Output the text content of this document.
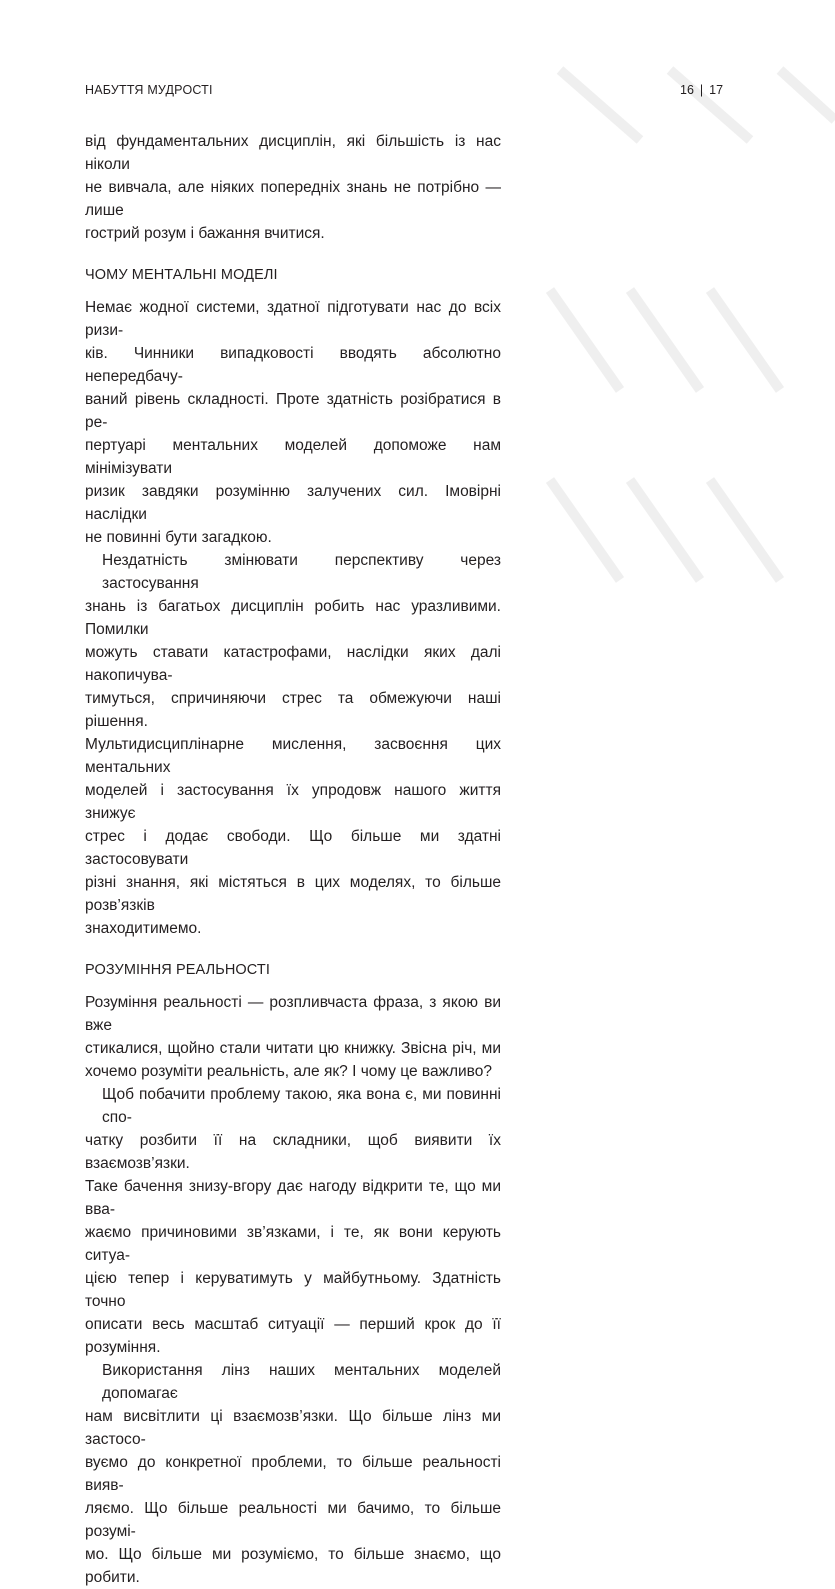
НАБУТТЯ МУДРОСТІ	16 | 17

від фундаментальних дисциплін, які більшість із нас ніколи
не вивчала, але ніяких попередніх знань не потрібно — лише
гострий розум і бажання вчитися.

ЧОМУ МЕНТАЛЬНІ МОДЕЛІ

Немає жодної системи, здатної підготувати нас до всіх ризи-
ків. Чинники випадковості вводять абсолютно непередбачу-
ваний рівень складності. Проте здатність розібратися в ре-
пертуарі ментальних моделей допоможе нам мінімізувати
ризик завдяки розумінню залучених сил. Імовірні наслідки
не повинні бути загадкою.

Нездатність змінювати перспективу через застосування
знань із багатьох дисциплін робить нас уразливими. Помилки
можуть ставати катастрофами, наслідки яких далі накопичува-
тимуться, спричиняючи стрес та обмежуючи наші рішення.
Мультидисциплінарне мислення, засвоєння цих ментальних
моделей і застосування їх упродовж нашого життя знижує
стрес і додає свободи. Що більше ми здатні застосовувати
різні знання, які містяться в цих моделях, то більше розв’язків
знаходитимемо.

РОЗУМІННЯ РЕАЛЬНОСТІ

Розуміння реальності — розпливчаста фраза, з якою ви вже
стикалися, щойно стали читати цю книжку. Звісна річ, ми
хочемо розуміти реальність, але як? І чому це важливо?

Щоб побачити проблему такою, яка вона є, ми повинні спо-
чатку розбити її на складники, щоб виявити їх взаємозв’язки.
Таке бачення знизу-вгору дає нагоду відкрити те, що ми вва-
жаємо причиновими зв’язками, і те, як вони керують ситуа-
цією тепер і керуватимуть у майбутньому. Здатність точно
описати весь масштаб ситуації — перший крок до її розуміння.

Використання лінз наших ментальних моделей допомагає
нам висвітлити ці взаємозв’язки. Що більше лінз ми застосо-
вуємо до конкретної проблеми, то більше реальності вияв-
ляємо. Що більше реальності ми бачимо, то більше розумі-
мо. Що більше ми розуміємо, то більше знаємо, що робити.
